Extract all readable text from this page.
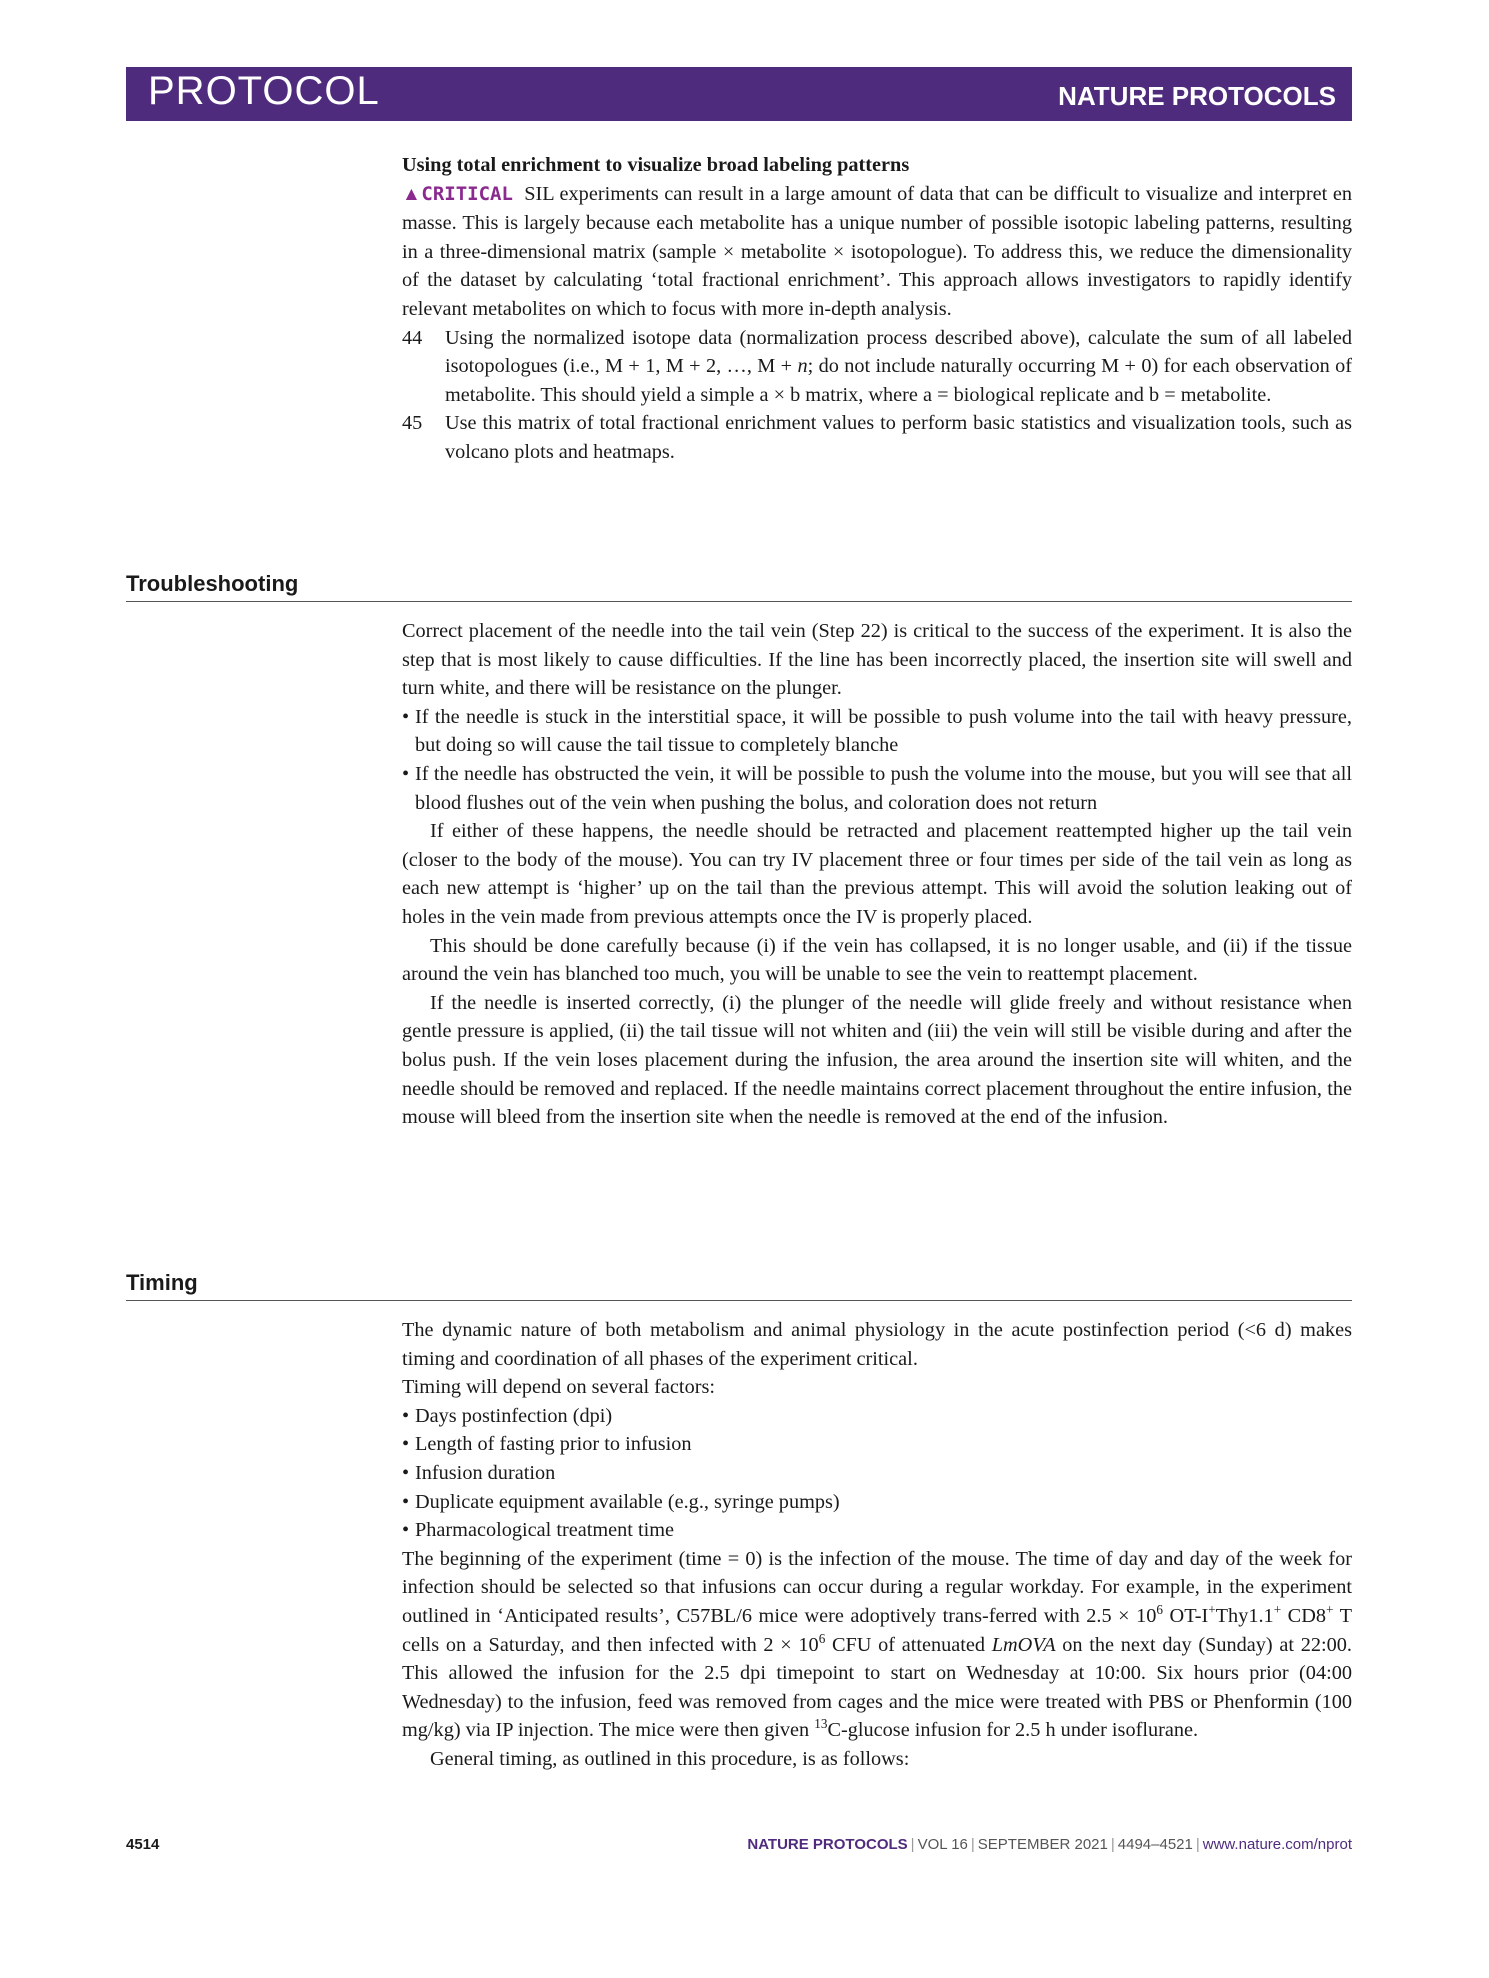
PROTOCOL	NATURE PROTOCOLS

Using total enrichment to visualize broad labeling patterns

▲CRITICAL SIL experiments can result in a large amount of data that can be difficult to visualize and interpret en masse. This is largely because each metabolite has a unique number of possible isotopic labeling patterns, resulting in a three-dimensional matrix (sample × metabolite × isotopologue). To address this, we reduce the dimensionality of the dataset by calculating ‘total fractional enrichment’. This approach allows investigators to rapidly identify relevant metabolites on which to focus with more in-depth analysis.

44 Using the normalized isotope data (normalization process described above), calculate the sum of all labeled isotopologues (i.e., M + 1, M + 2, …, M + n; do not include naturally occurring M + 0) for each observation of metabolite. This should yield a simple a × b matrix, where a = biological replicate and b = metabolite.

45 Use this matrix of total fractional enrichment values to perform basic statistics and visualization tools, such as volcano plots and heatmaps.

Troubleshooting

Correct placement of the needle into the tail vein (Step 22) is critical to the success of the experiment. It is also the step that is most likely to cause difficulties. If the line has been incorrectly placed, the insertion site will swell and turn white, and there will be resistance on the plunger.

• If the needle is stuck in the interstitial space, it will be possible to push volume into the tail with heavy pressure, but doing so will cause the tail tissue to completely blanche

• If the needle has obstructed the vein, it will be possible to push the volume into the mouse, but you will see that all blood flushes out of the vein when pushing the bolus, and coloration does not return

If either of these happens, the needle should be retracted and placement reattempted higher up the tail vein (closer to the body of the mouse). You can try IV placement three or four times per side of the tail vein as long as each new attempt is ‘higher’ up on the tail than the previous attempt. This will avoid the solution leaking out of holes in the vein made from previous attempts once the IV is properly placed.

This should be done carefully because (i) if the vein has collapsed, it is no longer usable, and (ii) if the tissue around the vein has blanched too much, you will be unable to see the vein to reattempt placement.

If the needle is inserted correctly, (i) the plunger of the needle will glide freely and without resistance when gentle pressure is applied, (ii) the tail tissue will not whiten and (iii) the vein will still be visible during and after the bolus push. If the vein loses placement during the infusion, the area around the insertion site will whiten, and the needle should be removed and replaced. If the needle maintains correct placement throughout the entire infusion, the mouse will bleed from the insertion site when the needle is removed at the end of the infusion.

Timing

The dynamic nature of both metabolism and animal physiology in the acute postinfection period (<6 d) makes timing and coordination of all phases of the experiment critical.

Timing will depend on several factors:

• Days postinfection (dpi)

• Length of fasting prior to infusion

• Infusion duration

• Duplicate equipment available (e.g., syringe pumps)

• Pharmacological treatment time

The beginning of the experiment (time = 0) is the infection of the mouse. The time of day and day of the week for infection should be selected so that infusions can occur during a regular workday. For example, in the experiment outlined in ‘Anticipated results’, C57BL/6 mice were adoptively trans-ferred with $2.5 \times 10^6$ OT-I+Thy1.1+ CD8+ T cells on a Saturday, and then infected with $2 \times 10^6$ CFU of attenuated LmOVA on the next day (Sunday) at 22:00. This allowed the infusion for the 2.5 dpi timepoint to start on Wednesday at 10:00. Six hours prior (04:00 Wednesday) to the infusion, feed was removed from cages and the mice were treated with PBS or Phenformin (100 mg/kg) via IP injection. The mice were then given $^{13}$C-glucose infusion for 2.5 h under isoflurane.

General timing, as outlined in this procedure, is as follows:

4514	NATURE PROTOCOLS | VOL 16 | SEPTEMBER 2021 | 4494–4521 | www.nature.com/nprot
